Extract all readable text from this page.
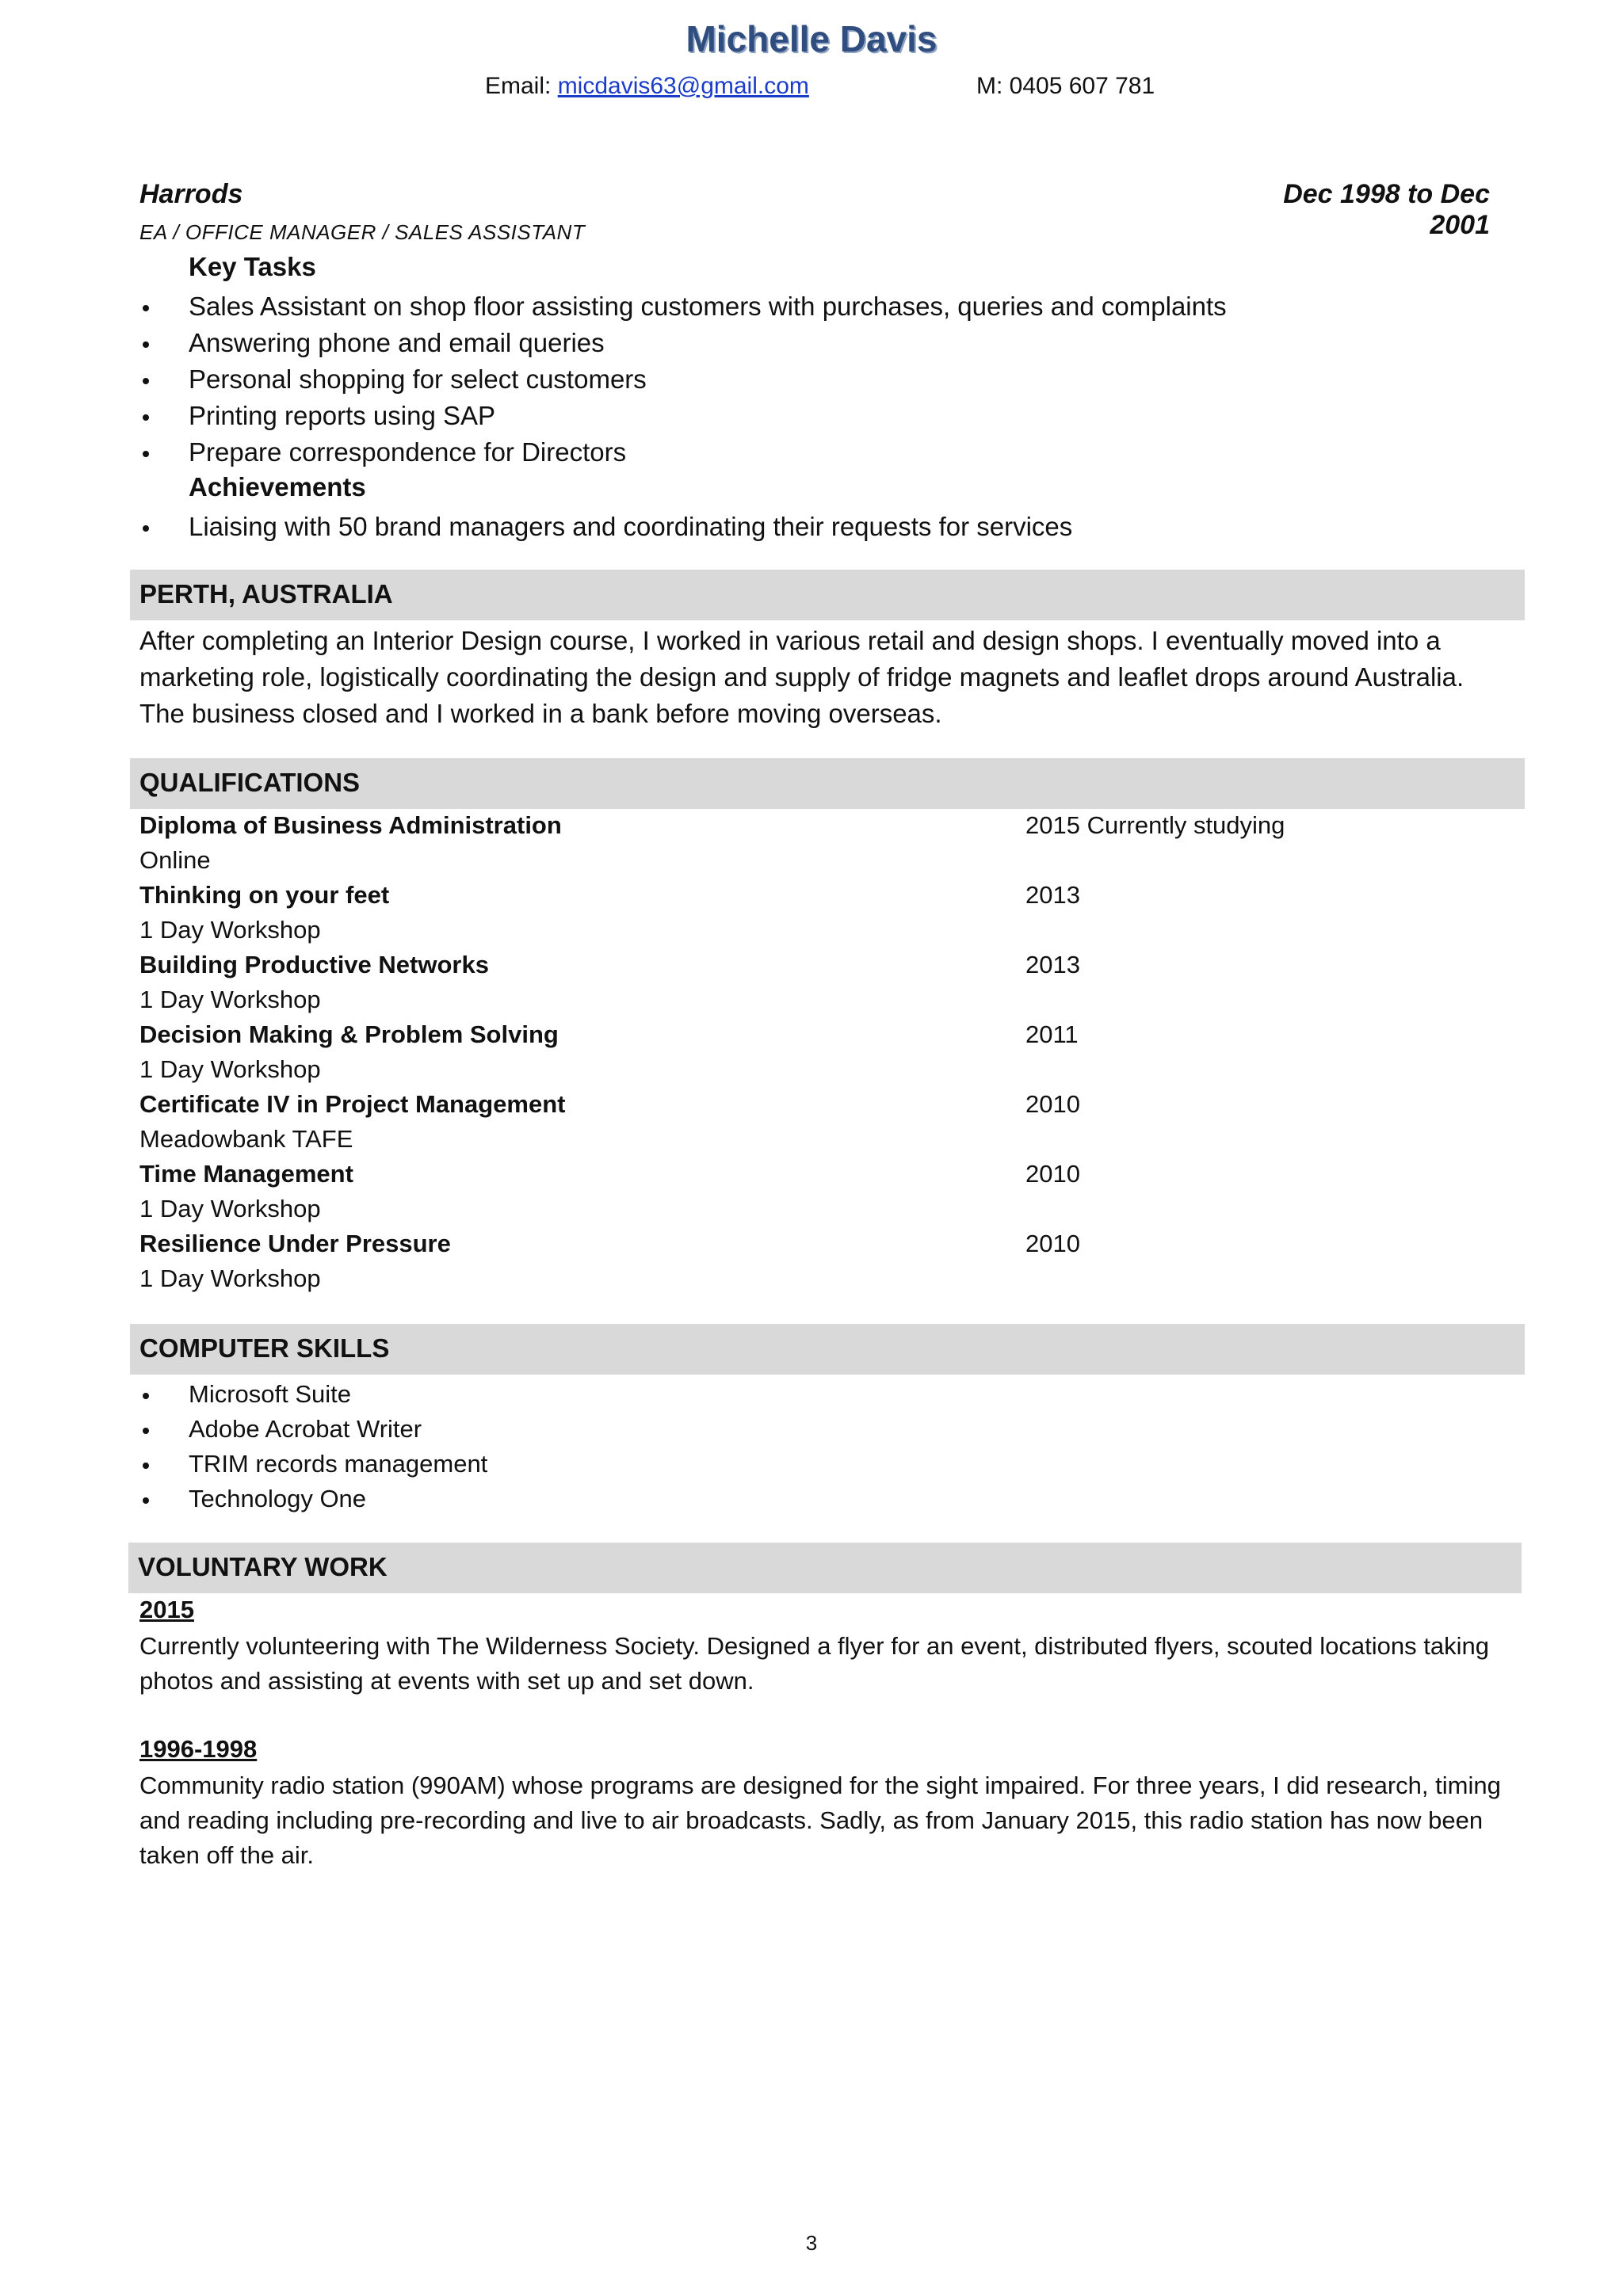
Michelle Davis
Email: micdavis63@gmail.com	M: 0405 607 781
Harrods	Dec 1998 to Dec 2001
EA / OFFICE MANAGER / SALES ASSISTANT
Key Tasks
Sales Assistant on shop floor assisting customers with purchases, queries and complaints
Answering phone and email queries
Personal shopping for select customers
Printing reports using SAP
Prepare correspondence for Directors
Achievements
Liaising with 50 brand managers and coordinating their requests for services
PERTH, AUSTRALIA

After completing an Interior Design course, I worked in various retail and design shops. I eventually moved into a marketing role, logistically coordinating the design and supply of fridge magnets and leaflet drops around Australia. The business closed and I worked in a bank before moving overseas.

QUALIFICATIONS
Diploma of Business Administration	2015 Currently studying
Online
Thinking on your feet	2013
1 Day Workshop
Building Productive Networks	2013
1 Day Workshop
Decision Making & Problem Solving	2011
1 Day Workshop
Certificate IV in Project Management	2010
Meadowbank TAFE
Time Management	2010
1 Day Workshop
Resilience Under Pressure	2010
1 Day Workshop
COMPUTER SKILLS
Microsoft Suite
Adobe Acrobat Writer
TRIM records management
Technology One
VOLUNTARY WORK
2015

Currently volunteering with The Wilderness Society. Designed a flyer for an event, distributed flyers, scouted locations taking photos and assisting at events with set up and set down.

1996-1998

Community radio station (990AM) whose programs are designed for the sight impaired. For three years, I did research, timing and reading including pre-recording and live to air broadcasts. Sadly, as from January 2015, this radio station has now been taken off the air.

3
